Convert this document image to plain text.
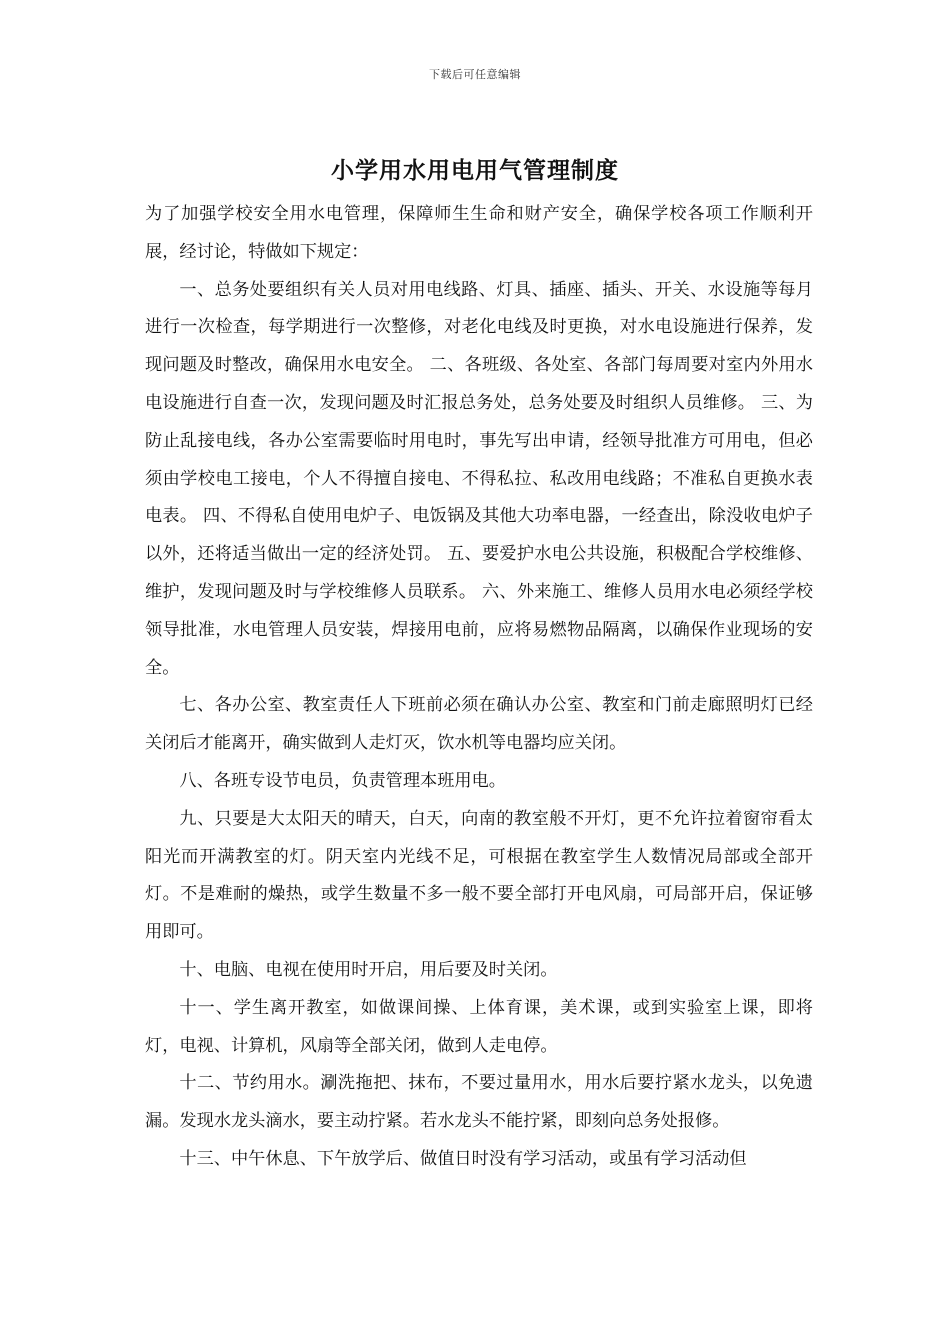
下载后可任意编辑
小学用水用电用气管理制度

为了加强学校安全用水电管理，保障师生生命和财产安全，确保学校各项工作顺利开展，经讨论，特做如下规定：

一、总务处要组织有关人员对用电线路、灯具、插座、插头、开关、水设施等每月进行一次检查，每学期进行一次整修，对老化电线及时更换，对水电设施进行保养，发现问题及时整改，确保用水电安全。 二、各班级、各处室、各部门每周要对室内外用水电设施进行自查一次，发现问题及时汇报总务处，总务处要及时组织人员维修。 三、为防止乱接电线，各办公室需要临时用电时，事先写出申请，经领导批准方可用电，但必须由学校电工接电，个人不得擅自接电、不得私拉、私改用电线路；不准私自更换水表电表。 四、不得私自使用电炉子、电饭锅及其他大功率电器，一经查出，除没收电炉子以外，还将适当做出一定的经济处罚。 五、要爱护水电公共设施，积极配合学校维修、维护，发现问题及时与学校维修人员联系。 六、外来施工、维修人员用水电必须经学校领导批准，水电管理人员安装，焊接用电前，应将易燃物品隔离，以确保作业现场的安全。

七、各办公室、教室责任人下班前必须在确认办公室、教室和门前走廊照明灯已经关闭后才能离开，确实做到人走灯灭，饮水机等电器均应关闭。

八、各班专设节电员，负责管理本班用电。

九、只要是大太阳天的晴天，白天，向南的教室般不开灯，更不允许拉着窗帘看太阳光而开满教室的灯。阴天室内光线不足，可根据在教室学生人数情况局部或全部开灯。不是难耐的燥热，或学生数量不多一般不要全部打开电风扇，可局部开启，保证够用即可。

十、电脑、电视在使用时开启，用后要及时关闭。

十一、学生离开教室，如做课间操、上体育课，美术课，或到实验室上课，即将灯，电视、计算机，风扇等全部关闭，做到人走电停。

十二、节约用水。涮洗拖把、抹布，不要过量用水，用水后要拧紧水龙头，以免遗漏。发现水龙头滴水，要主动拧紧。若水龙头不能拧紧，即刻向总务处报修。

十三、中午休息、下午放学后、做值日时没有学习活动，或虽有学习活动但
